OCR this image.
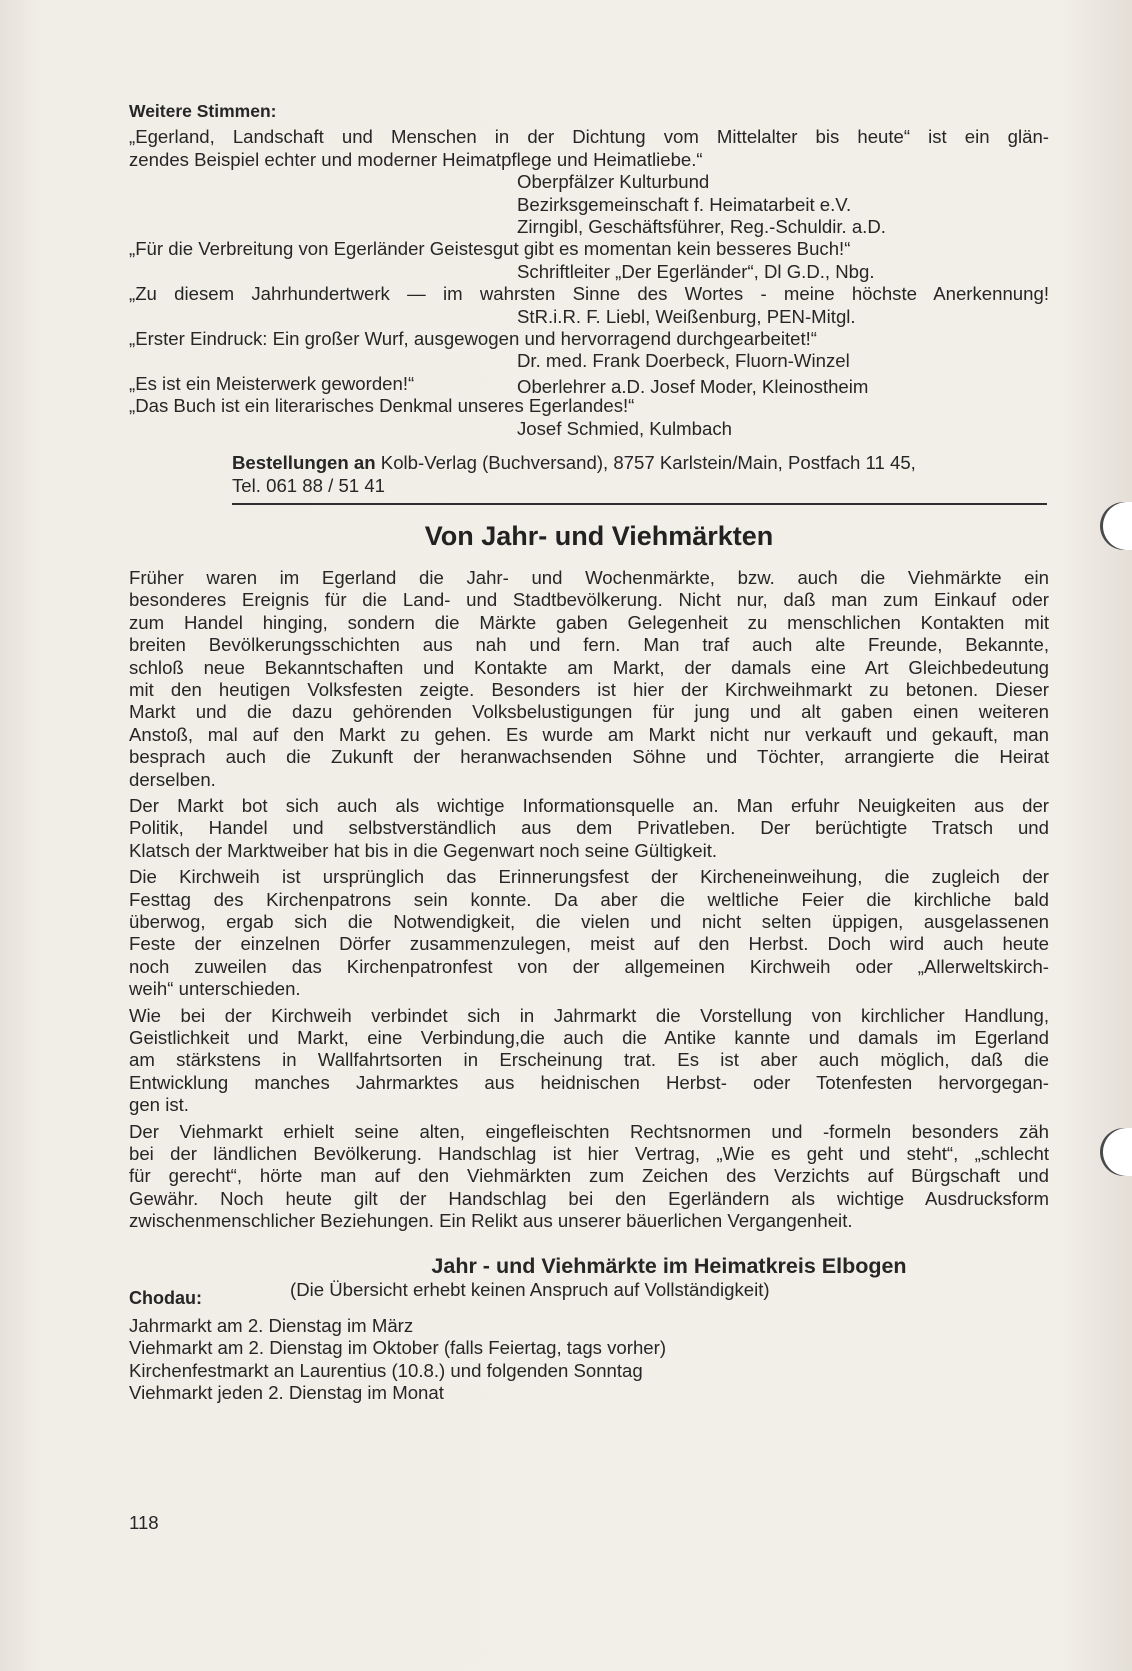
Weitere Stimmen:
„Egerland, Landschaft und Menschen in der Dichtung vom Mittelalter bis heute“ ist ein glän-
zendes Beispiel echter und moderner Heimatpflege und Heimatliebe.“
Oberpfälzer Kulturbund
Bezirksgemeinschaft f. Heimatarbeit e.V.
Zirngibl, Geschäftsführer, Reg.-Schuldir. a.D.
„Für die Verbreitung von Egerländer Geistesgut gibt es momentan kein besseres Buch!“
Schriftleiter „Der Egerländer“, Dl G.D., Nbg.
„Zu diesem Jahrhundertwerk — im wahrsten Sinne des Wortes - meine höchste Anerkennung!
StR.i.R. F. Liebl, Weißenburg, PEN-Mitgl.
„Erster Eindruck: Ein großer Wurf, ausgewogen und hervorragend durchgearbeitet!“
Dr. med. Frank Doerbeck, Fluorn-Winzel
„Es ist ein Meisterwerk geworden!“	Oberlehrer a.D. Josef Moder, Kleinostheim
„Das Buch ist ein literarisches Denkmal unseres Egerlandes!“
Josef Schmied, Kulmbach
Bestellungen an Kolb-Verlag (Buchversand), 8757 Karlstein/Main, Postfach 11 45,
Tel. 061 88 / 51 41
Von Jahr- und Viehmärkten
Früher waren im Egerland die Jahr- und Wochenmärkte, bzw. auch die Viehmärkte ein
besonderes Ereignis für die Land- und Stadtbevölkerung. Nicht nur, daß man zum Einkauf oder
zum Handel hinging, sondern die Märkte gaben Gelegenheit zu menschlichen Kontakten mit
breiten Bevölkerungsschichten aus nah und fern. Man traf auch alte Freunde, Bekannte,
schloß neue Bekanntschaften und Kontakte am Markt, der damals eine Art Gleichbedeutung
mit den heutigen Volksfesten zeigte. Besonders ist hier der Kirchweihmarkt zu betonen. Dieser
Markt und die dazu gehörenden Volksbelustigungen für jung und alt gaben einen weiteren
Anstoß, mal auf den Markt zu gehen. Es wurde am Markt nicht nur verkauft und gekauft, man
besprach auch die Zukunft der heranwachsenden Söhne und Töchter, arrangierte die Heirat
derselben.
Der Markt bot sich auch als wichtige Informationsquelle an. Man erfuhr Neuigkeiten aus der
Politik, Handel und selbstverständlich aus dem Privatleben. Der berüchtigte Tratsch und
Klatsch der Marktweiber hat bis in die Gegenwart noch seine Gültigkeit.
Die Kirchweih ist ursprünglich das Erinnerungsfest der Kircheneinweihung, die zugleich der
Festtag des Kirchenpatrons sein konnte. Da aber die weltliche Feier die kirchliche bald
überwog, ergab sich die Notwendigkeit, die vielen und nicht selten üppigen, ausgelassenen
Feste der einzelnen Dörfer zusammenzulegen, meist auf den Herbst. Doch wird auch heute
noch zuweilen das Kirchenpatronfest von der allgemeinen Kirchweih oder „Allerweltskirch-
weih“ unterschieden.
Wie bei der Kirchweih verbindet sich in Jahrmarkt die Vorstellung von kirchlicher Handlung,
Geistlichkeit und Markt, eine Verbindung,die auch die Antike kannte und damals im Egerland
am stärkstens in Wallfahrtsorten in Erscheinung trat. Es ist aber auch möglich, daß die
Entwicklung manches Jahrmarktes aus heidnischen Herbst- oder Totenfesten hervorgegan-
gen ist.
Der Viehmarkt erhielt seine alten, eingefleischten Rechtsnormen und -formeln besonders zäh
bei der ländlichen Bevölkerung. Handschlag ist hier Vertrag, „Wie es geht und steht“, „schlecht
für gerecht“, hörte man auf den Viehmärkten zum Zeichen des Verzichts auf Bürgschaft und
Gewähr. Noch heute gilt der Handschlag bei den Egerländern als wichtige Ausdrucksform
zwischenmenschlicher Beziehungen. Ein Relikt aus unserer bäuerlichen Vergangenheit.
Jahr - und Viehmärkte im Heimatkreis Elbogen
Chodau:	(Die Übersicht erhebt keinen Anspruch auf Vollständigkeit)
Jahrmarkt am 2. Dienstag im März
Viehmarkt am 2. Dienstag im Oktober (falls Feiertag, tags vorher)
Kirchenfestmarkt an Laurentius (10.8.) und folgenden Sonntag
Viehmarkt jeden 2. Dienstag im Monat
118
